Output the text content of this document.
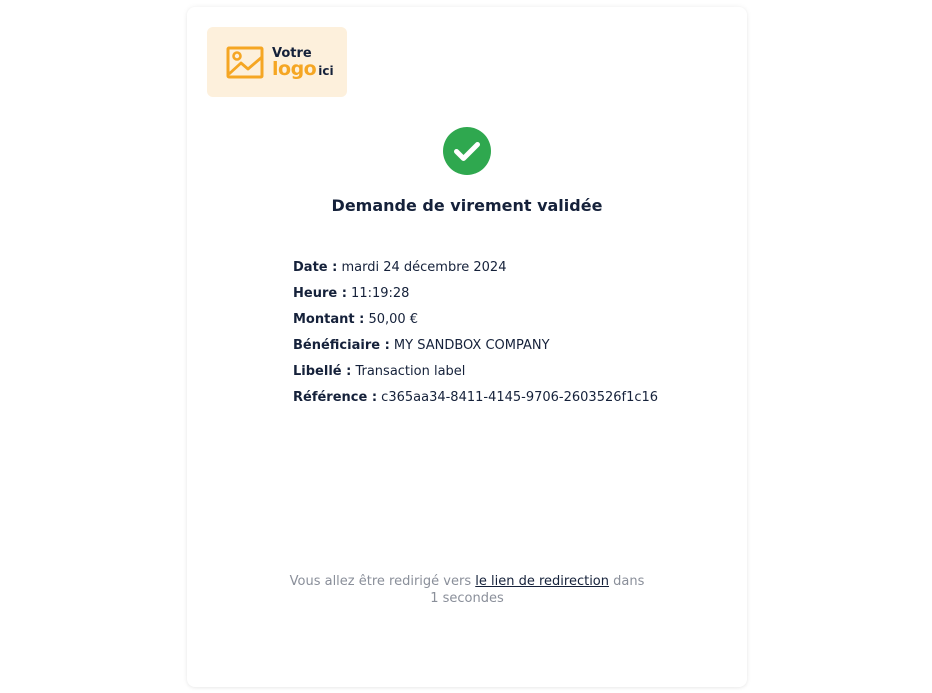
Votre
logo ici
Demande de virement validée
Date : mardi 24 décembre 2024
Heure : 11:19:28
Montant : 50,00 €
Bénéficiaire : MY SANDBOX COMPANY
Libellé : Transaction label
Référence : c365aa34-8411-4145-9706-2603526f1c16
Vous allez être redirigé vers le lien de redirection dans 1 secondes
